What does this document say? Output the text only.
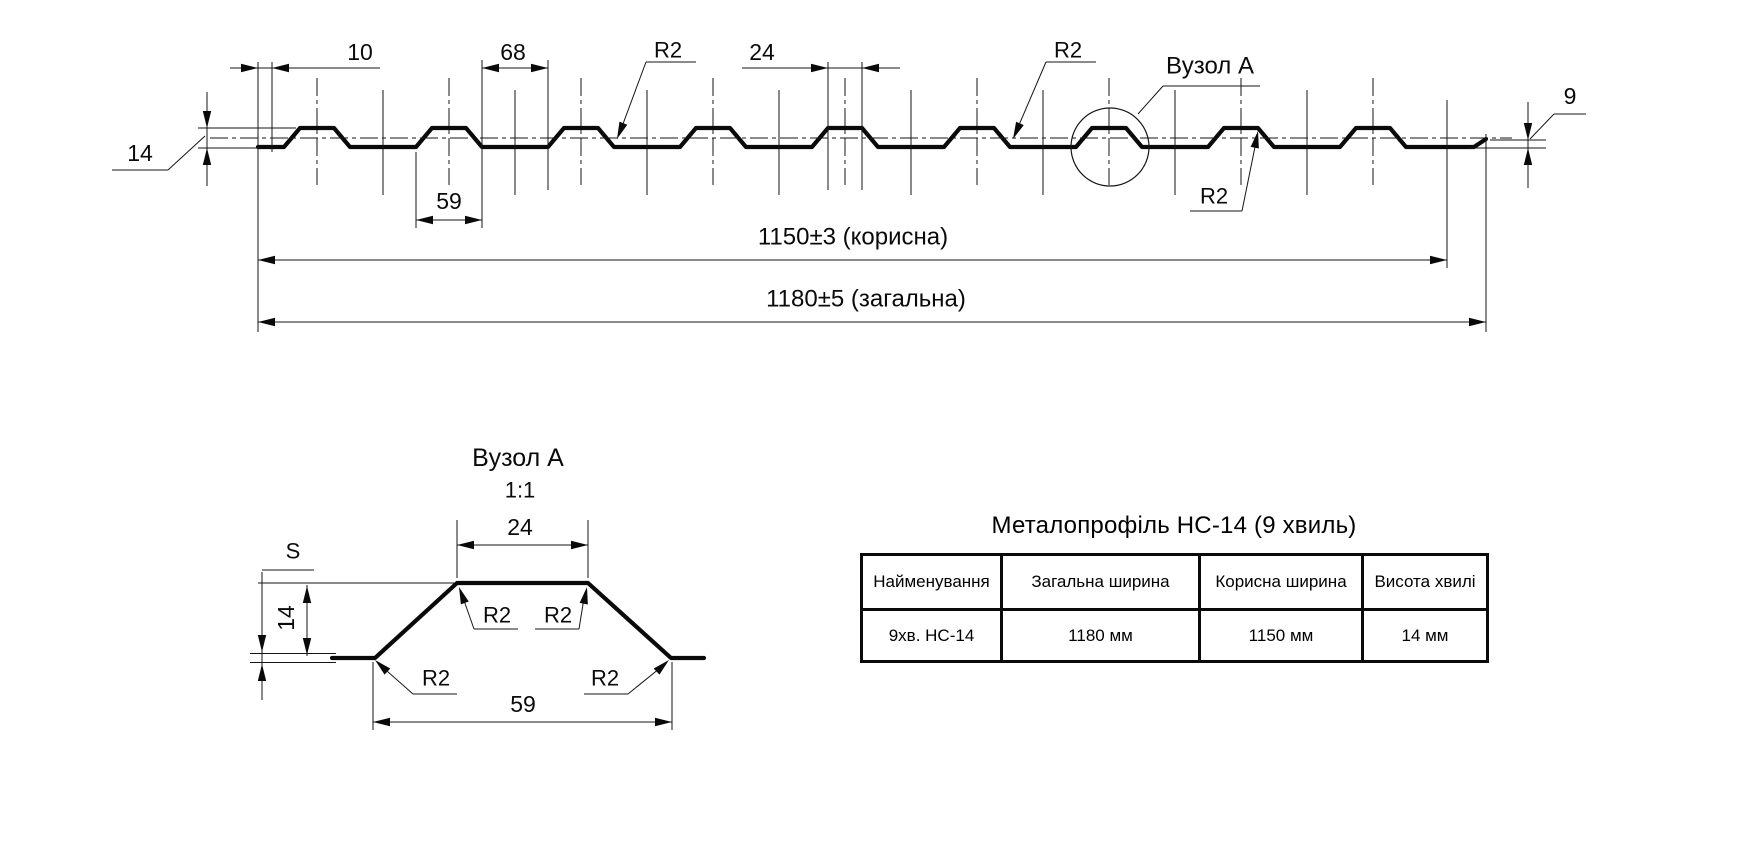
10	68	24
59
14
9
R2	R2
R2
Вузол А
1150±3 (корисна)
1180±5 (загальна)
Вузол А
1:1
S
14
24
59
R2 R2
R2	R2
Металопрофіль НС-14 (9 хвиль)
Найменування	Загальна ширина	Корисна ширина	Висота хвилі
9хв. НС-14	1180 мм	1150 мм	14 мм
